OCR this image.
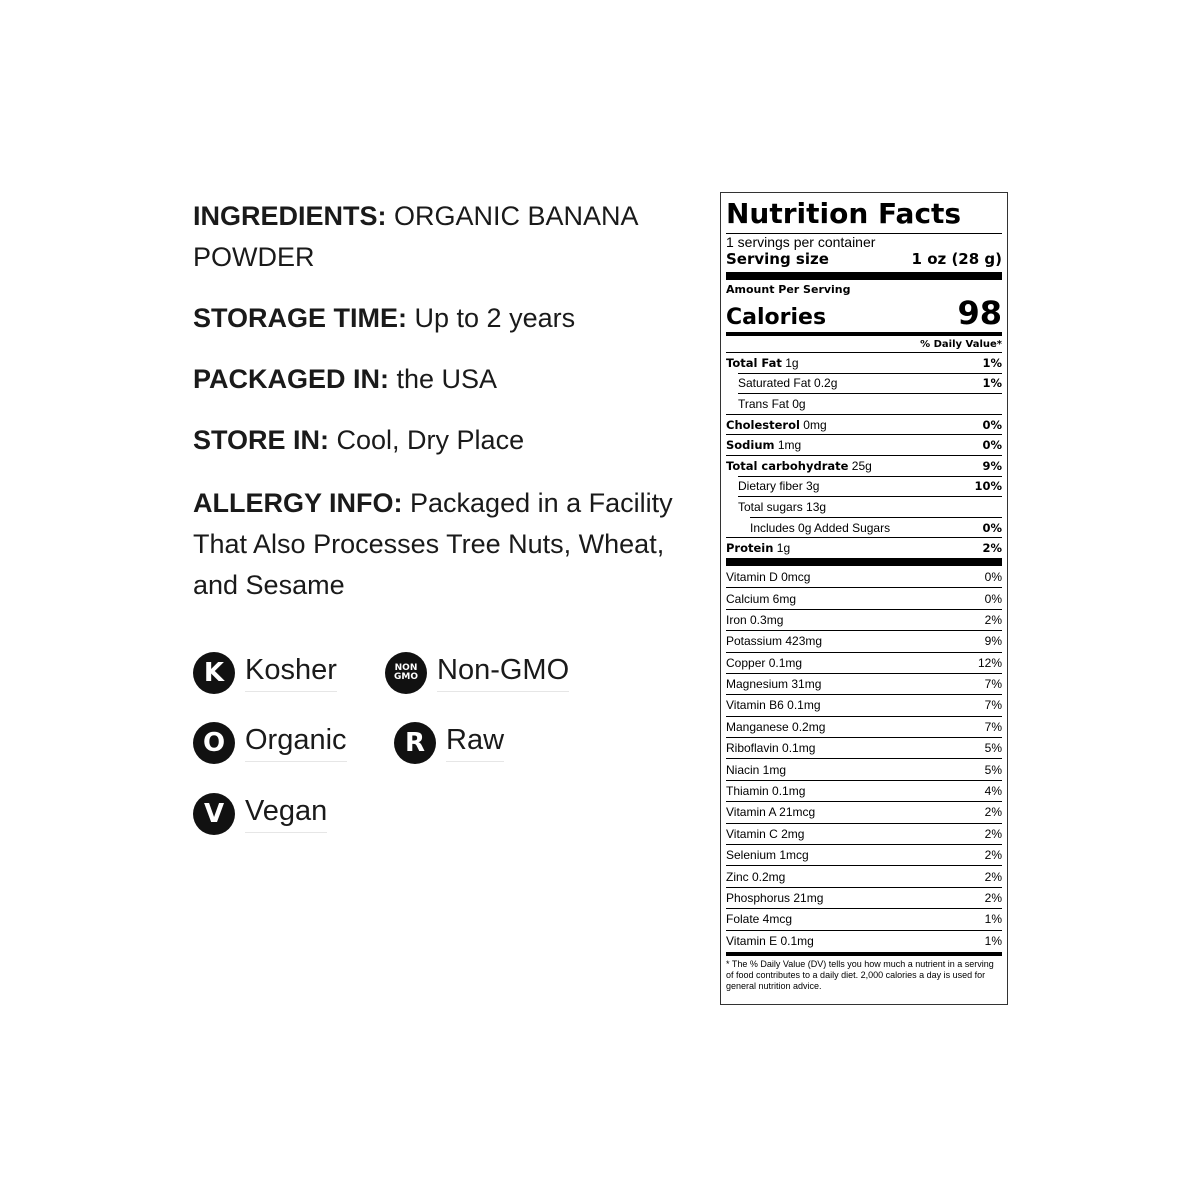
INGREDIENTS: ORGANIC BANANA POWDER

STORAGE TIME: Up to 2 years

PACKAGED IN: the USA

STORE IN: Cool, Dry Place

ALLERGY INFO: Packaged in a Facility That Also Processes Tree Nuts, Wheat, and Sesame

K Kosher	NON
GMO Non-GMO
O Organic	R Raw
V Vegan
Nutrition Facts
1 servings per container
Serving size	1 oz (28 g)
Amount Per Serving
Calories	98
% Daily Value*
Total Fat 1g	1%
Saturated Fat 0.2g	1%
Trans Fat 0g
Cholesterol 0mg	0%
Sodium 1mg	0%
Total carbohydrate 25g	9%
Dietary fiber 3g	10%
Total sugars 13g
Includes 0g Added Sugars	0%
Protein 1g	2%
Vitamin D 0mcg	0%
Calcium 6mg	0%
Iron 0.3mg	2%
Potassium 423mg	9%
Copper 0.1mg	12%
Magnesium 31mg	7%
Vitamin B6 0.1mg	7%
Manganese 0.2mg	7%
Riboflavin 0.1mg	5%
Niacin 1mg	5%
Thiamin 0.1mg	4%
Vitamin A 21mcg	2%
Vitamin C 2mg	2%
Selenium 1mcg	2%
Zinc 0.2mg	2%
Phosphorus 21mg	2%
Folate 4mcg	1%
Vitamin E 0.1mg	1%
* The % Daily Value (DV) tells you how much a nutrient in a serving of food contributes to a daily diet. 2,000 calories a day is used for general nutrition advice.
